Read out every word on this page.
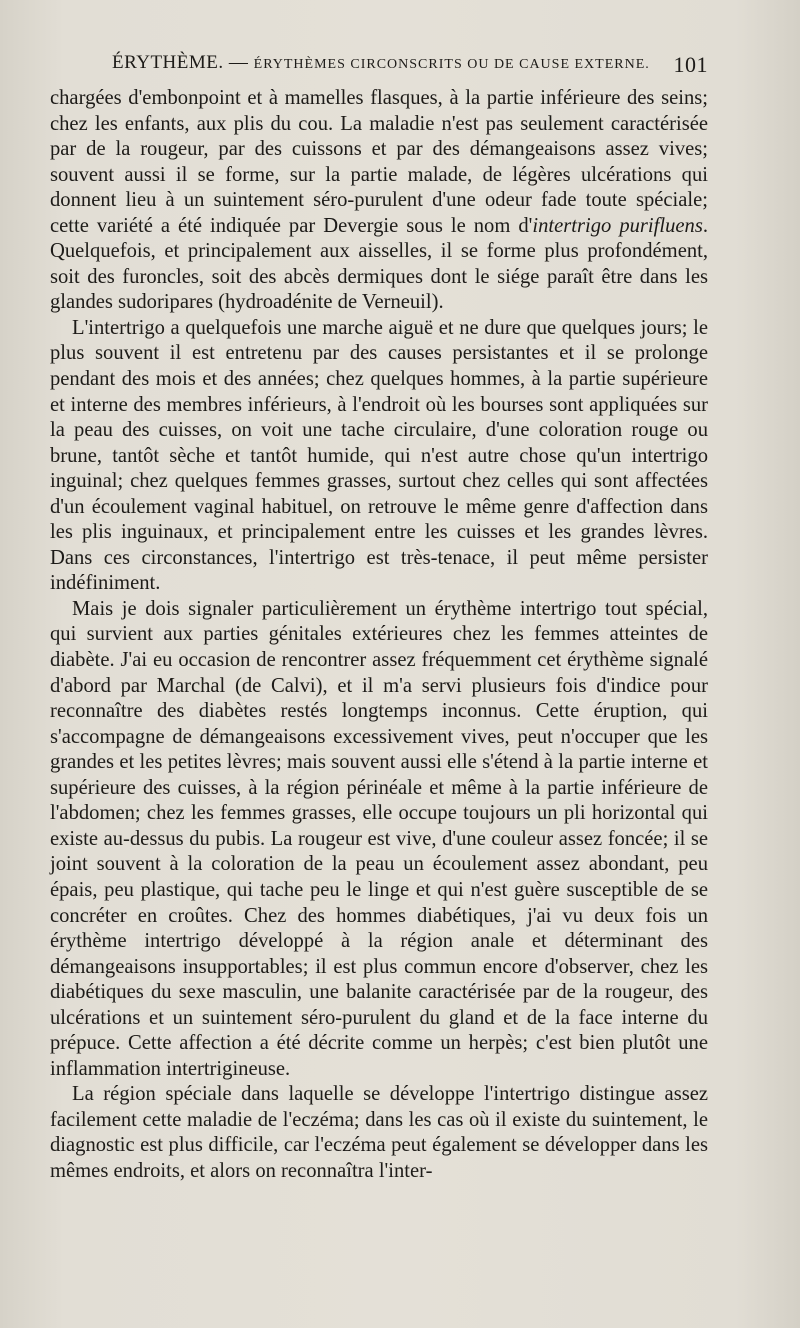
ÉRYTHÈME. — ÉRYTHÈMES CIRCONSCRITS OU DE CAUSE EXTERNE. 101

chargées d'embonpoint et à mamelles flasques, à la partie inférieure des seins; chez les enfants, aux plis du cou. La maladie n'est pas seulement caractérisée par de la rougeur, par des cuissons et par des démangeaisons assez vives; souvent aussi il se forme, sur la partie malade, de légères ulcérations qui donnent lieu à un suintement séro-purulent d'une odeur fade toute spéciale; cette variété a été indiquée par Devergie sous le nom d'intertrigo purifluens. Quelquefois, et principalement aux aisselles, il se forme plus profondément, soit des furoncles, soit des abcès dermiques dont le siége paraît être dans les glandes sudoripares (hydroadénite de Verneuil).

L'intertrigo a quelquefois une marche aiguë et ne dure que quelques jours; le plus souvent il est entretenu par des causes persistantes et il se prolonge pendant des mois et des années; chez quelques hommes, à la partie supérieure et interne des membres inférieurs, à l'endroit où les bourses sont appliquées sur la peau des cuisses, on voit une tache circulaire, d'une coloration rouge ou brune, tantôt sèche et tantôt humide, qui n'est autre chose qu'un intertrigo inguinal; chez quelques femmes grasses, surtout chez celles qui sont affectées d'un écoulement vaginal habituel, on retrouve le même genre d'affection dans les plis inguinaux, et principalement entre les cuisses et les grandes lèvres. Dans ces circonstances, l'intertrigo est très-tenace, il peut même persister indéfiniment.

Mais je dois signaler particulièrement un érythème intertrigo tout spécial, qui survient aux parties génitales extérieures chez les femmes atteintes de diabète. J'ai eu occasion de rencontrer assez fréquemment cet érythème signalé d'abord par Marchal (de Calvi), et il m'a servi plusieurs fois d'indice pour reconnaître des diabètes restés longtemps inconnus. Cette éruption, qui s'accompagne de démangeaisons excessivement vives, peut n'occuper que les grandes et les petites lèvres; mais souvent aussi elle s'étend à la partie interne et supérieure des cuisses, à la région périnéale et même à la partie inférieure de l'abdomen; chez les femmes grasses, elle occupe toujours un pli horizontal qui existe au-dessus du pubis. La rougeur est vive, d'une couleur assez foncée; il se joint souvent à la coloration de la peau un écoulement assez abondant, peu épais, peu plastique, qui tache peu le linge et qui n'est guère susceptible de se concréter en croûtes. Chez des hommes diabétiques, j'ai vu deux fois un érythème intertrigo développé à la région anale et déterminant des démangeaisons insupportables; il est plus commun encore d'observer, chez les diabétiques du sexe masculin, une balanite caractérisée par de la rougeur, des ulcérations et un suintement séro-purulent du gland et de la face interne du prépuce. Cette affection a été décrite comme un herpès; c'est bien plutôt une inflammation intertrigineuse.

La région spéciale dans laquelle se développe l'intertrigo distingue assez facilement cette maladie de l'eczéma; dans les cas où il existe du suintement, le diagnostic est plus difficile, car l'eczéma peut également se développer dans les mêmes endroits, et alors on reconnaîtra l'inter-
